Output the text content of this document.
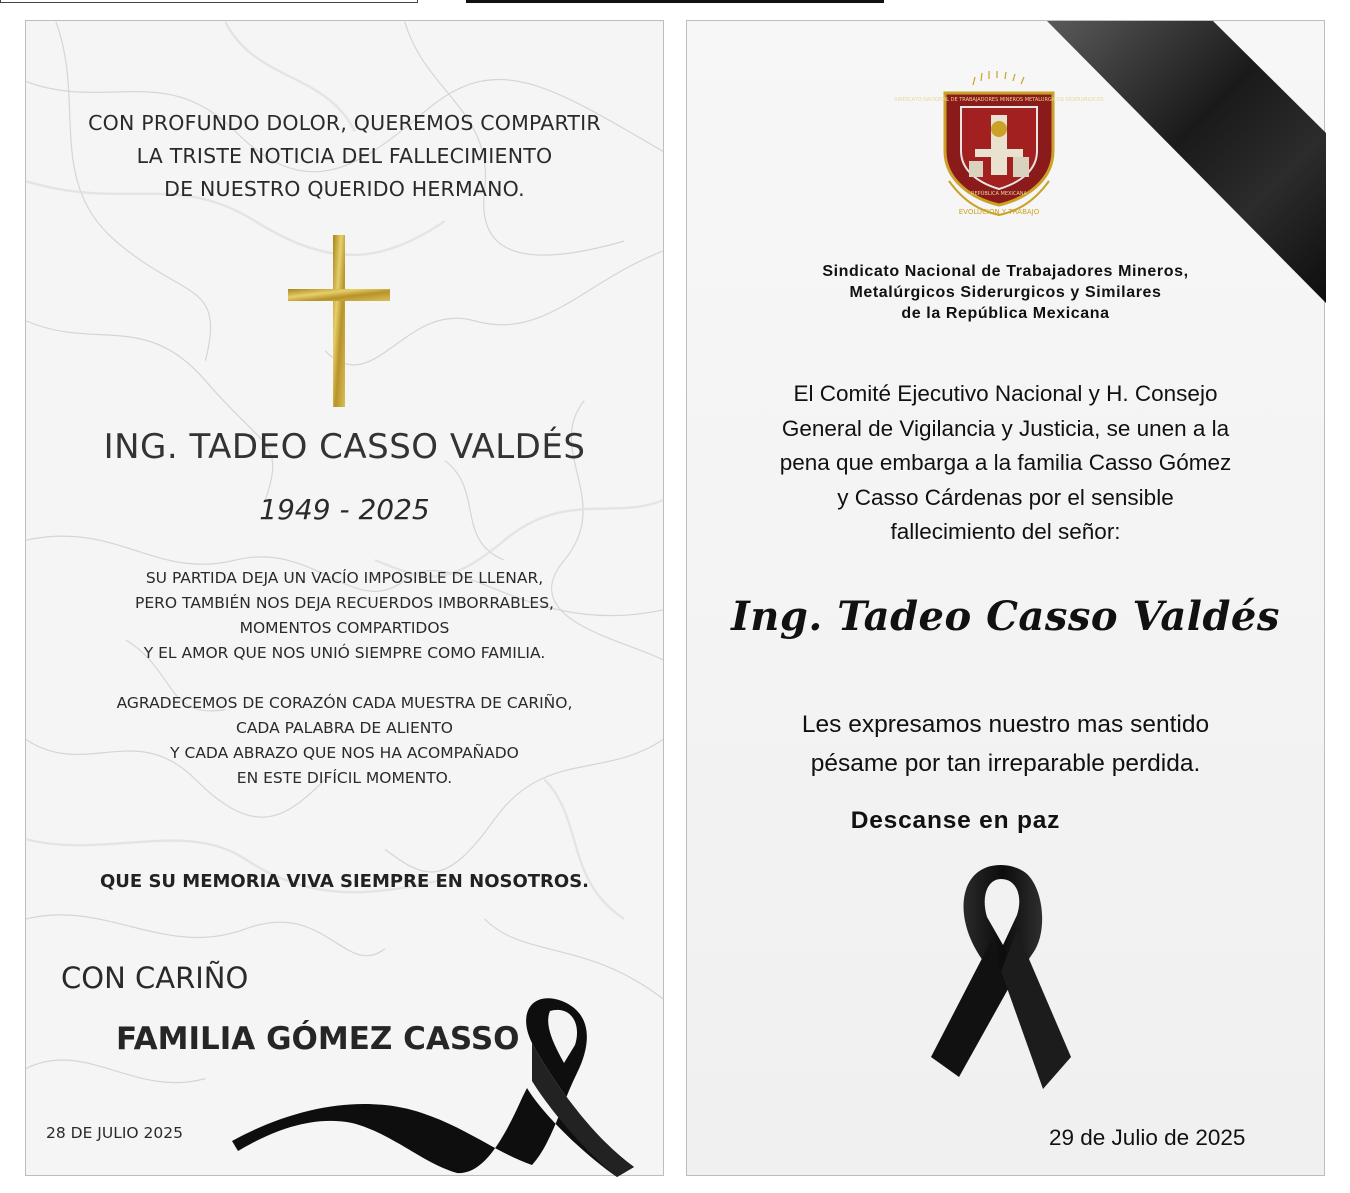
CON PROFUNDO DOLOR, QUEREMOS COMPARTIR
LA TRISTE NOTICIA DEL FALLECIMIENTO
DE NUESTRO QUERIDO HERMANO.
ING. TADEO CASSO VALDÉS
1949 - 2025
SU PARTIDA DEJA UN VACÍO IMPOSIBLE DE LLENAR,
PERO TAMBIÉN NOS DEJA RECUERDOS IMBORRABLES,
MOMENTOS COMPARTIDOS
Y EL AMOR QUE NOS UNIÓ SIEMPRE COMO FAMILIA.
AGRADECEMOS DE CORAZÓN CADA MUESTRA DE CARIÑO,
CADA PALABRA DE ALIENTO
Y CADA ABRAZO QUE NOS HA ACOMPAÑADO
EN ESTE DIFÍCIL MOMENTO.
QUE SU MEMORIA VIVA SIEMPRE EN NOSOTROS.
CON CARIÑO
FAMILIA GÓMEZ CASSO
28 DE JULIO 2025
SINDICATO NACIONAL DE TRABAJADORES MINEROS METALURGICOS SIDERURGICOS
REPÚBLICA MEXICANA
EVOLUCION Y TRABAJO
Sindicato Nacional de Trabajadores Mineros,
Metalúrgicos Siderurgicos y Similares
de la República Mexicana
El Comité Ejecutivo Nacional y H. Consejo
General de Vigilancia y Justicia, se unen a la
pena que embarga a la familia Casso Gómez
y Casso Cárdenas por el sensible
fallecimiento del señor:
Ing. Tadeo Casso Valdés
Les expresamos nuestro mas sentido
pésame por tan irreparable perdida.
Descanse en paz
29 de Julio de 2025
